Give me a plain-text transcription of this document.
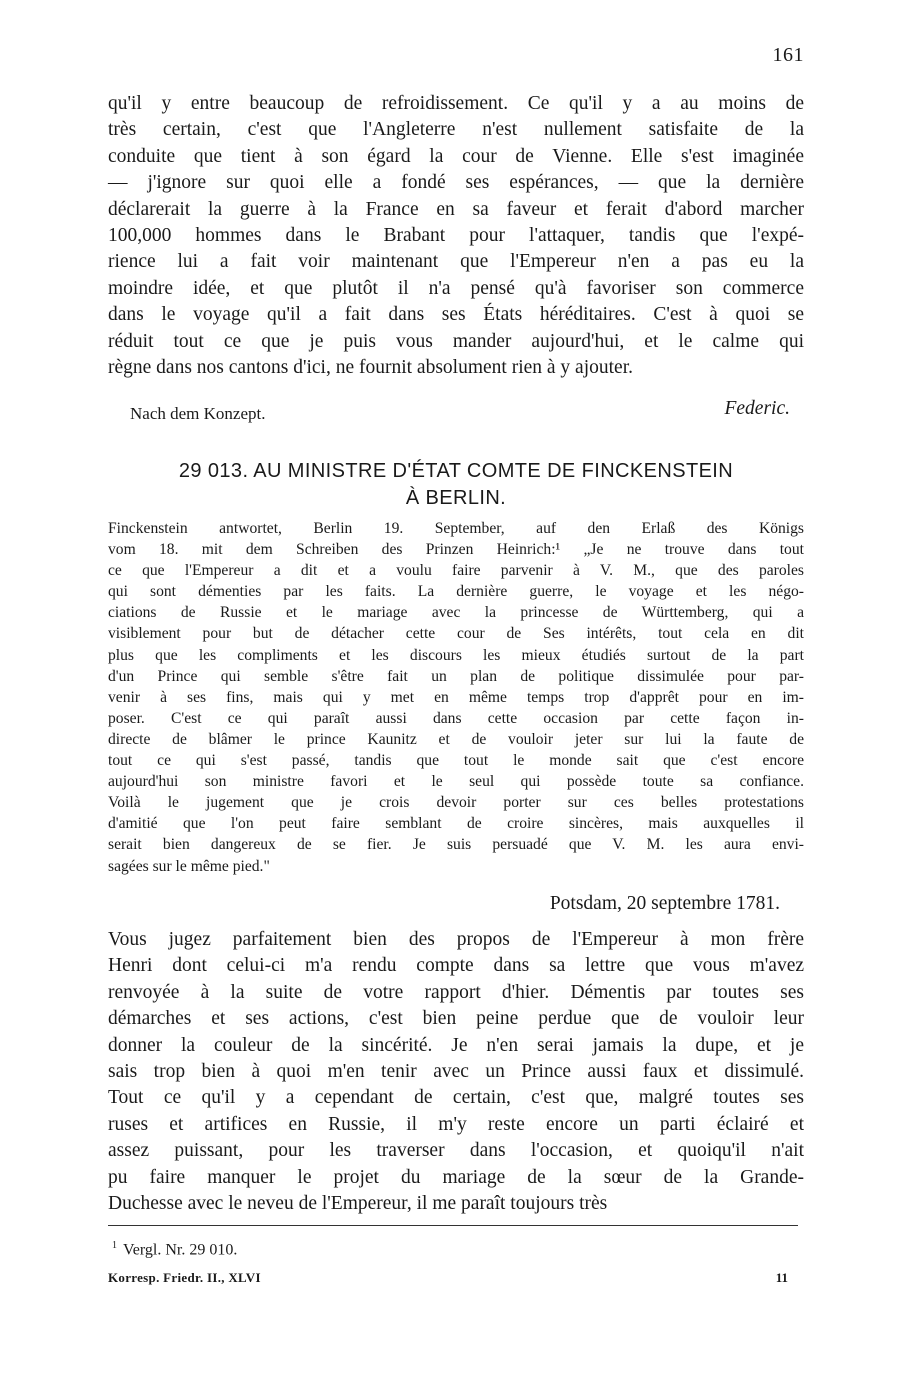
161
qu'il y entre beaucoup de refroidissement. Ce qu'il y a au moins de
très certain, c'est que l'Angleterre n'est nullement satisfaite de la
conduite que tient à son égard la cour de Vienne. Elle s'est imaginée
— j'ignore sur quoi elle a fondé ses espérances, — que la dernière
déclarerait la guerre à la France en sa faveur et ferait d'abord marcher
100,000 hommes dans le Brabant pour l'attaquer, tandis que l'expé-
rience lui a fait voir maintenant que l'Empereur n'en a pas eu la
moindre idée, et que plutôt il n'a pensé qu'à favoriser son commerce
dans le voyage qu'il a fait dans ses États héréditaires. C'est à quoi se
réduit tout ce que je puis vous mander aujourd'hui, et le calme qui
règne dans nos cantons d'ici, ne fournit absolument rien à y ajouter.
Nach dem Konzept.	Federic.
29 013. AU MINISTRE D'ÉTAT COMTE DE FINCKENSTEIN
À BERLIN.
Finckenstein antwortet, Berlin 19. September, auf den Erlaß des Königs
vom 18. mit dem Schreiben des Prinzen Heinrich:¹ „Je ne trouve dans tout
ce que l'Empereur a dit et a voulu faire parvenir à V. M., que des paroles
qui sont démenties par les faits. La dernière guerre, le voyage et les négo-
ciations de Russie et le mariage avec la princesse de Württemberg, qui a
visiblement pour but de détacher cette cour de Ses intérêts, tout cela en dit
plus que les compliments et les discours les mieux étudiés surtout de la part
d'un Prince qui semble s'être fait un plan de politique dissimulée pour par-
venir à ses fins, mais qui y met en même temps trop d'apprêt pour en im-
poser. C'est ce qui paraît aussi dans cette occasion par cette façon in-
directe de blâmer le prince Kaunitz et de vouloir jeter sur lui la faute de
tout ce qui s'est passé, tandis que tout le monde sait que c'est encore
aujourd'hui son ministre favori et le seul qui possède toute sa confiance.
Voilà le jugement que je crois devoir porter sur ces belles protestations
d'amitié que l'on peut faire semblant de croire sincères, mais auxquelles il
serait bien dangereux de se fier. Je suis persuadé que V. M. les aura envi-
sagées sur le même pied."
Potsdam, 20 septembre 1781.
Vous jugez parfaitement bien des propos de l'Empereur à mon frère
Henri dont celui-ci m'a rendu compte dans sa lettre que vous m'avez
renvoyée à la suite de votre rapport d'hier. Démentis par toutes ses
démarches et ses actions, c'est bien peine perdue que de vouloir leur
donner la couleur de la sincérité. Je n'en serai jamais la dupe, et je
sais trop bien à quoi m'en tenir avec un Prince aussi faux et dissimulé.
Tout ce qu'il y a cependant de certain, c'est que, malgré toutes ses
ruses et artifices en Russie, il m'y reste encore un parti éclairé et
assez puissant, pour les traverser dans l'occasion, et quoiqu'il n'ait
pu faire manquer le projet du mariage de la sœur de la Grande-
Duchesse avec le neveu de l'Empereur, il me paraît toujours très
$^1$ Vergl. Nr. 29 010.
Korresp. Friedr. II., XLVI	11
